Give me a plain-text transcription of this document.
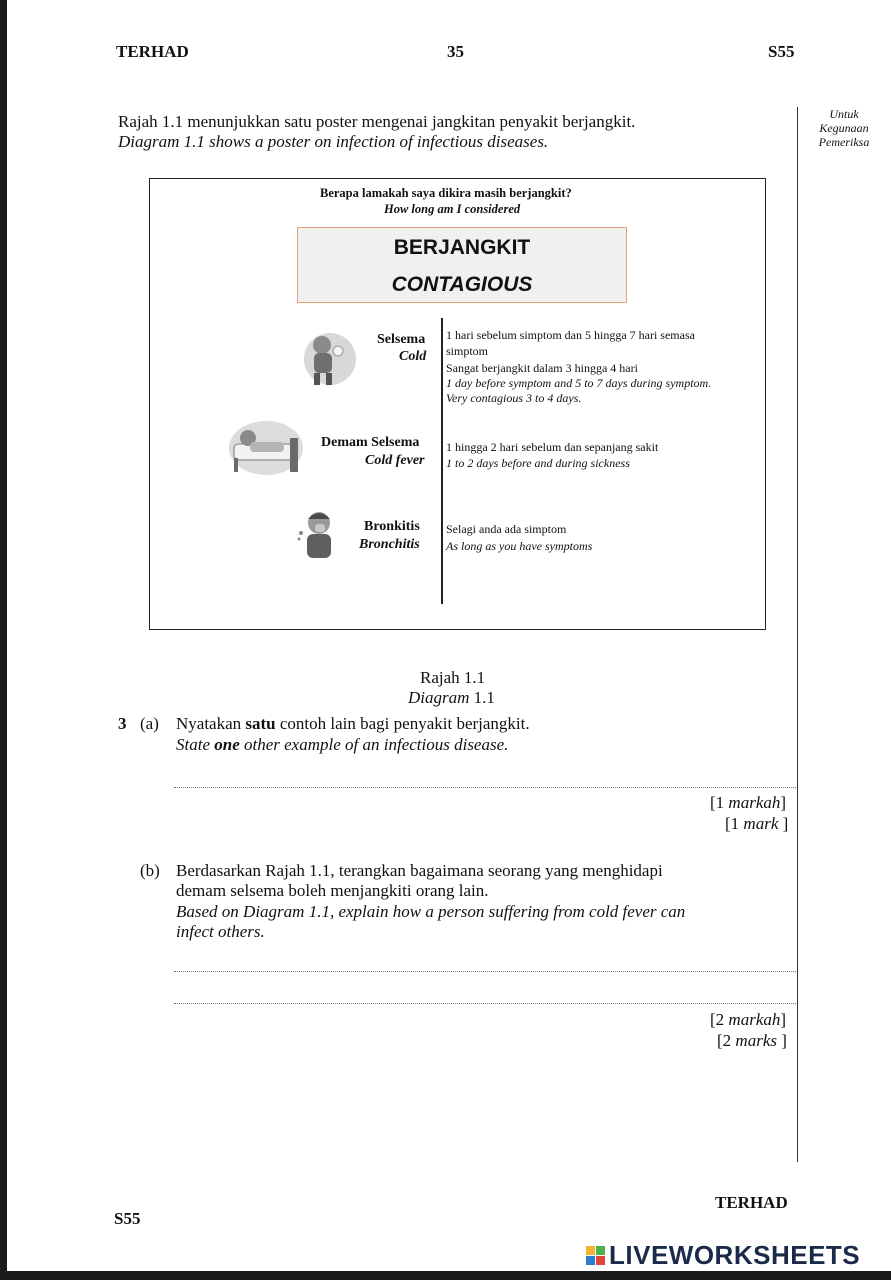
TERHAD	35	S55
Untuk
Kegunaan
Pemeriksa
Rajah 1.1 menunjukkan satu poster mengenai jangkitan penyakit berjangkit.
Diagram 1.1 shows a poster on infection of infectious diseases.
Berapa lamakah saya dikira masih berjangkit?
How long am I considered
BERJANGKIT
CONTAGIOUS
Selsema
Cold
1 hari sebelum simptom dan 5 hingga 7 hari semasa
simptom
Sangat berjangkit dalam 3 hingga 4 hari
1 day before symptom and 5 to 7 days during symptom.
Very contagious 3 to 4 days.
Demam Selsema
Cold fever
1 hingga 2 hari sebelum dan sepanjang sakit
1 to 2 days before and during sickness
Bronkitis
Bronchitis
Selagi anda ada simptom
As long as you have symptoms
Rajah 1.1
Diagram 1.1
3 (a) Nyatakan satu contoh lain bagi penyakit berjangkit.
State one other example of an infectious disease.
[1 markah]
[1 mark ]
(b) Berdasarkan Rajah 1.1, terangkan bagaimana seorang yang menghidapi
demam selsema boleh menjangkiti orang lain.
Based on Diagram 1.1, explain how a person suffering from cold fever can
infect others.
[2 markah]
[2 marks ]
TERHAD
S55
LIVEWORKSHEETS
